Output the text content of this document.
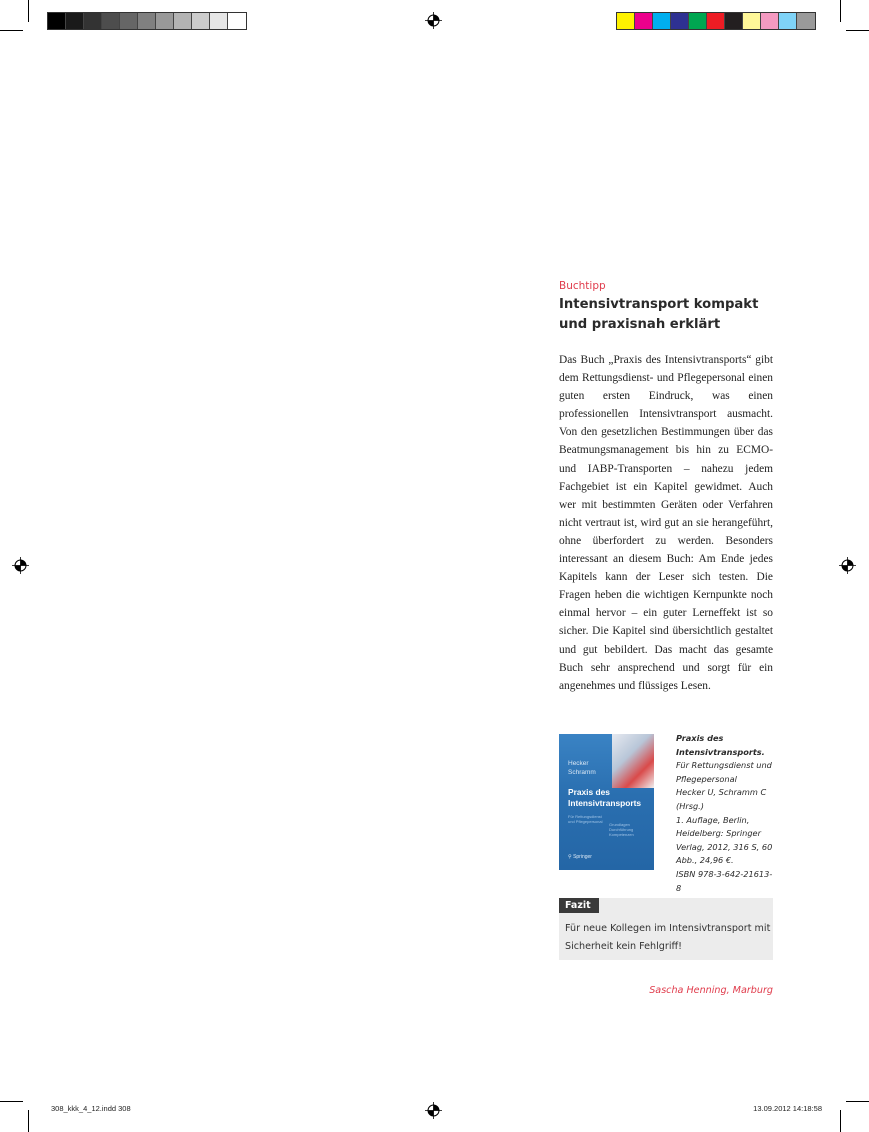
Buchtipp
Intensivtransport kompakt und praxisnah erklärt
Das Buch „Praxis des Intensivtransports“ gibt dem Rettungsdienst- und Pflegepersonal einen guten ersten Eindruck, was einen professionellen Intensivtransport ausmacht. Von den gesetzlichen Bestimmungen über das Beatmungsmanagement bis hin zu ECMO- und IABP-Transporten – nahezu jedem Fachgebiet ist ein Kapitel gewidmet. Auch wer mit bestimmten Geräten oder Verfahren nicht vertraut ist, wird gut an sie herangeführt, ohne überfordert zu werden. Besonders interessant an diesem Buch: Am Ende jedes Kapitels kann der Leser sich testen. Die Fragen heben die wichtigen Kernpunkte noch einmal hervor – ein guter Lerneffekt ist so sicher. Die Kapitel sind übersichtlich gestaltet und gut bebildert. Das macht das gesamte Buch sehr ansprechend und sorgt für ein angenehmes und flüssiges Lesen.
Hecker
Schramm
Praxis des
Intensivtransports
Für Rettungsdienst
und Pflegepersonal
Grundlagen
Durchführung
Kompetenzen
⚲ Springer
Praxis des Intensivtransports. Für Rettungsdienst und Pflegepersonal
Hecker U, Schramm C (Hrsg.)
1. Auflage, Berlin, Heidelberg: Springer Verlag, 2012, 316 S, 60 Abb., 24,96 €.
ISBN 978-3-642-21613-8
Fazit
Für neue Kollegen im Intensivtransport mit Sicherheit kein Fehlgriff!
Sascha Henning, Marburg
308_kkk_4_12.indd 308	13.09.2012 14:18:58
